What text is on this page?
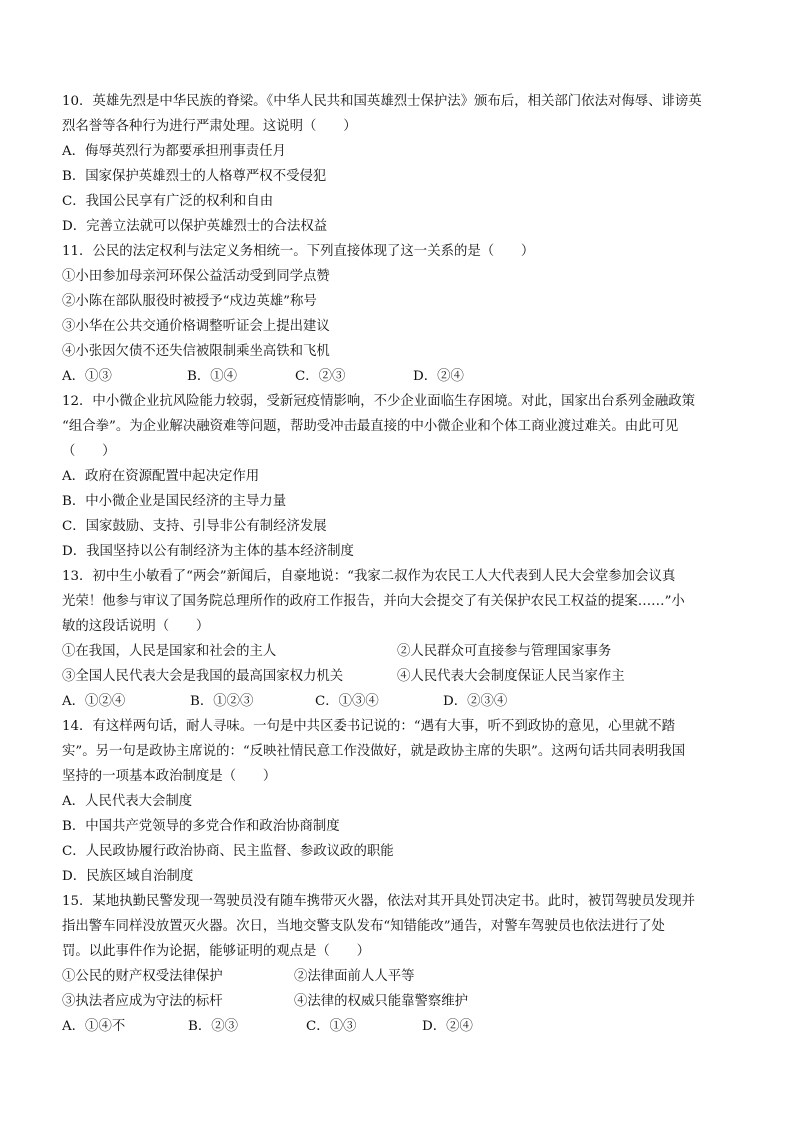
10．英雄先烈是中华民族的脊梁。《中华人民共和国英雄烈士保护法》颁布后，相关部门依法对侮辱、诽谤英
烈名誉等各种行为进行严肃处理。这说明（　　）
A．侮辱英烈行为都要承担刑事责任月
B．国家保护英雄烈士的人格尊严权不受侵犯
C．我国公民享有广泛的权利和自由
D．完善立法就可以保护英雄烈士的合法权益
11．公民的法定权利与法定义务相统一。下列直接体现了这一关系的是（　　）
①小田参加母亲河环保公益活动受到同学点赞
②小陈在部队服役时被授予“戍边英雄”称号
③小华在公共交通价格调整听证会上提出建议
④小张因欠债不还失信被限制乘坐高铁和飞机
A．①③	B．①④	C．②③	D．②④
12．中小微企业抗风险能力较弱，受新冠疫情影响，不少企业面临生存困境。对此，国家出台系列金融政策
“组合拳”。为企业解决融资难等问题，帮助受冲击最直接的中小微企业和个体工商业渡过难关。由此可见
（　　）
A．政府在资源配置中起决定作用
B．中小微企业是国民经济的主导力量
C．国家鼓励、支持、引导非公有制经济发展
D．我国坚持以公有制经济为主体的基本经济制度
13．初中生小敏看了“两会”新闻后，自豪地说：“我家二叔作为农民工人大代表到人民大会堂参加会议真
光荣！他参与审议了国务院总理所作的政府工作报告，并向大会提交了有关保护农民工权益的提案……”小
敏的这段话说明（　　）
①在我国，人民是国家和社会的主人	②人民群众可直接参与管理国家事务
③全国人民代表大会是我国的最高国家权力机关	④人民代表大会制度保证人民当家作主
A．①②④	B．①②③	C．①③④	D．②③④
14．有这样两句话，耐人寻味。一句是中共区委书记说的：“遇有大事，听不到政协的意见，心里就不踏
实”。另一句是政协主席说的：“反映社情民意工作没做好，就是政协主席的失职”。这两句话共同表明我国
坚持的一项基本政治制度是（　　）
A．人民代表大会制度
B．中国共产党领导的多党合作和政治协商制度
C．人民政协履行政治协商、民主监督、参政议政的职能
D．民族区域自治制度
15．某地执勤民警发现一驾驶员没有随车携带灭火器，依法对其开具处罚决定书。此时，被罚驾驶员发现并
指出警车同样没放置灭火器。次日，当地交警支队发布“知错能改”通告，对警车驾驶员也依法进行了处
罚。以此事件作为论据，能够证明的观点是（　　）
①公民的财产权受法律保护	②法律面前人人平等
③执法者应成为守法的标杆	④法律的权威只能靠警察维护
A．①④不	B．②③	C．①③	D．②④
